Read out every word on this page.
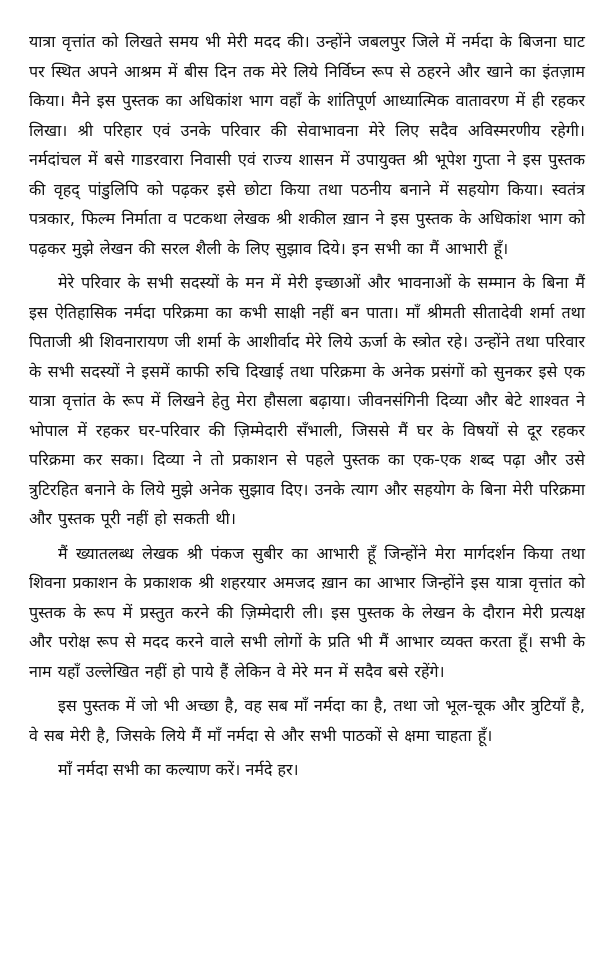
यात्रा वृत्तांत को लिखते समय भी मेरी मदद की। उन्होंने जबलपुर जिले में नर्मदा के बिजना घाट पर स्थित अपने आश्रम में बीस दिन तक मेरे लिये निर्विघ्न रूप से ठहरने और खाने का इंतज़ाम किया। मैने इस पुस्तक का अधिकांश भाग वहाँ के शांतिपूर्ण आध्यात्मिक वातावरण में ही रहकर लिखा। श्री परिहार एवं उनके परिवार की सेवाभावना मेरे लिए सदैव अविस्मरणीय रहेगी। नर्मदांचल में बसे गाडरवारा निवासी एवं राज्य शासन में उपायुक्त श्री भूपेश गुप्ता ने इस पुस्तक की वृहद् पांडुलिपि को पढ़कर इसे छोटा किया तथा पठनीय बनाने में सहयोग किया। स्वतंत्र पत्रकार, फिल्म निर्माता व पटकथा लेखक श्री शकील ख़ान ने इस पुस्तक के अधिकांश भाग को पढ़कर मुझे लेखन की सरल शैली के लिए सुझाव दिये। इन सभी का मैं आभारी हूँ।

मेरे परिवार के सभी सदस्यों के मन में मेरी इच्छाओं और भावनाओं के सम्मान के बिना मैं इस ऐतिहासिक नर्मदा परिक्रमा का कभी साक्षी नहीं बन पाता। माँ श्रीमती सीतादेवी शर्मा तथा पिताजी श्री शिवनारायण जी शर्मा के आशीर्वाद मेरे लिये ऊर्जा के स्त्रोत रहे। उन्होंने तथा परिवार के सभी सदस्यों ने इसमें काफी रुचि दिखाई तथा परिक्रमा के अनेक प्रसंगों को सुनकर इसे एक यात्रा वृत्तांत के रूप में लिखने हेतु मेरा हौसला बढ़ाया। जीवनसंगिनी दिव्या और बेटे शाश्वत ने भोपाल में रहकर घर-परिवार की ज़िम्मेदारी सँभाली, जिससे मैं घर के विषयों से दूर रहकर परिक्रमा कर सका। दिव्या ने तो प्रकाशन से पहले पुस्तक का एक-एक शब्द पढ़ा और उसे त्रुटिरहित बनाने के लिये मुझे अनेक सुझाव दिए। उनके त्याग और सहयोग के बिना मेरी परिक्रमा और पुस्तक पूरी नहीं हो सकती थी।

मैं ख्यातलब्ध लेखक श्री पंकज सुबीर का आभारी हूँ जिन्होंने मेरा मार्गदर्शन किया तथा शिवना प्रकाशन के प्रकाशक श्री शहरयार अमजद ख़ान का आभार जिन्होंने इस यात्रा वृत्तांत को पुस्तक के रूप में प्रस्तुत करने की ज़िम्मेदारी ली। इस पुस्तक के लेखन के दौरान मेरी प्रत्यक्ष और परोक्ष रूप से मदद करने वाले सभी लोगों के प्रति भी मैं आभार व्यक्त करता हूँ। सभी के नाम यहाँ उल्लेखित नहीं हो पाये हैं लेकिन वे मेरे मन में सदैव बसे रहेंगे।

इस पुस्तक में जो भी अच्छा है, वह सब माँ नर्मदा का है, तथा जो भूल-चूक और त्रुटियाँ है, वे सब मेरी है, जिसके लिये मैं माँ नर्मदा से और सभी पाठकों से क्षमा चाहता हूँ।

माँ नर्मदा सभी का कल्याण करें। नर्मदे हर।
